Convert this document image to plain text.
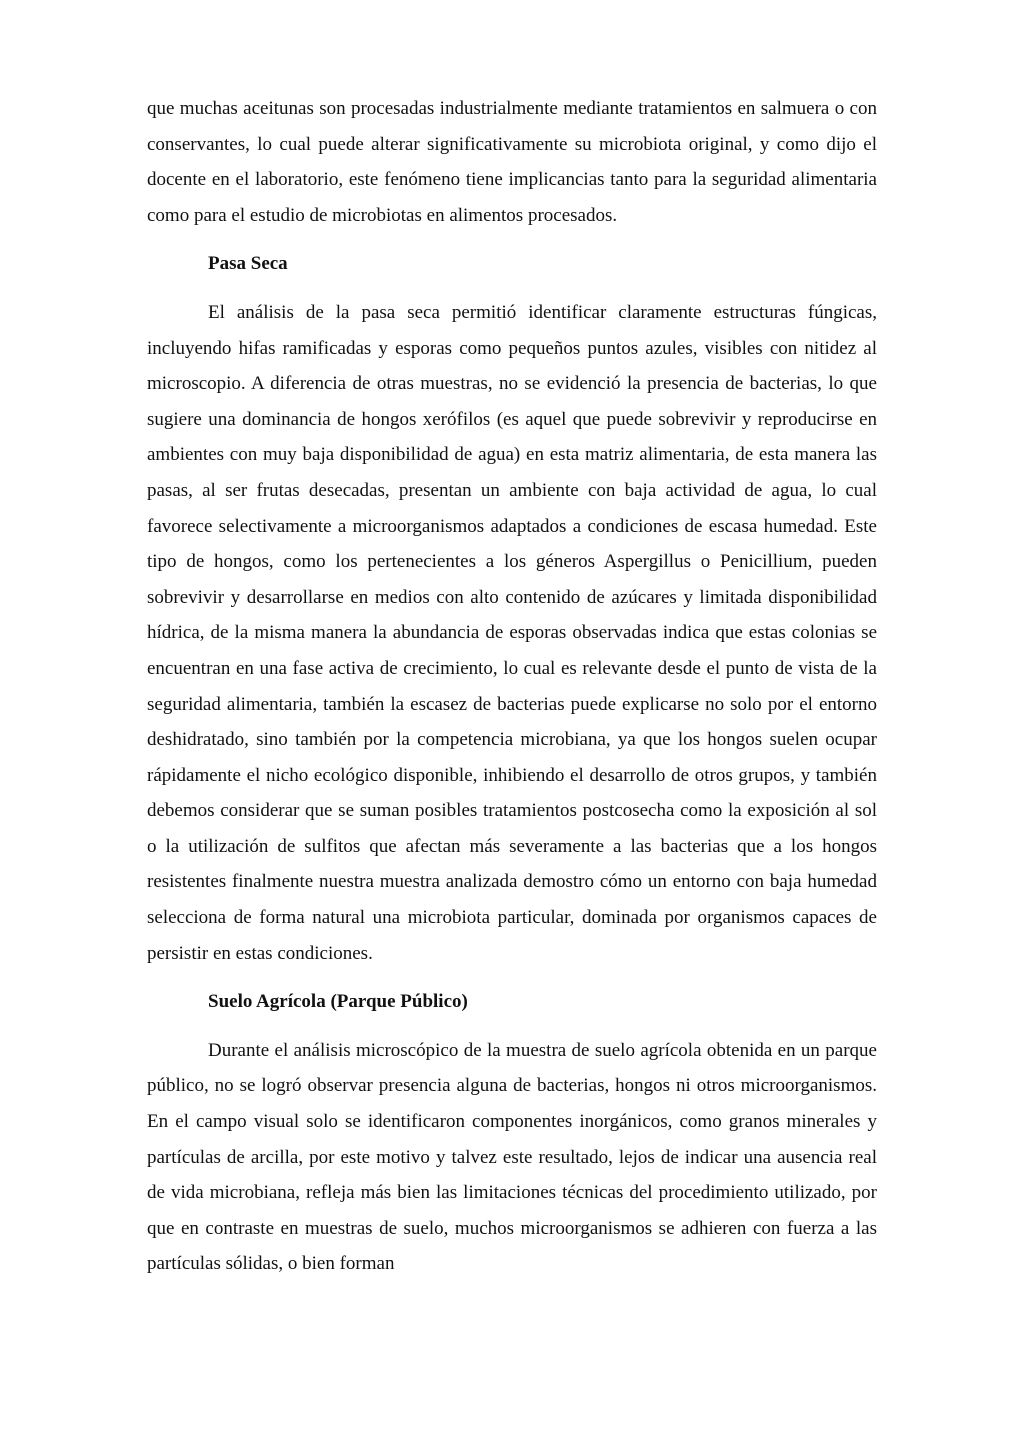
que muchas aceitunas son procesadas industrialmente mediante tratamientos en salmuera o con conservantes, lo cual puede alterar significativamente su microbiota original, y como dijo el docente en el laboratorio, este fenómeno tiene implicancias tanto para la seguridad alimentaria como para el estudio de microbiotas en alimentos procesados.

Pasa Seca

El análisis de la pasa seca permitió identificar claramente estructuras fúngicas, incluyendo hifas ramificadas y esporas como pequeños puntos azules, visibles con nitidez al microscopio. A diferencia de otras muestras, no se evidenció la presencia de bacterias, lo que sugiere una dominancia de hongos xerófilos (es aquel que puede sobrevivir y reproducirse en ambientes con muy baja disponibilidad de agua) en esta matriz alimentaria, de esta manera las pasas, al ser frutas desecadas, presentan un ambiente con baja actividad de agua, lo cual favorece selectivamente a microorganismos adaptados a condiciones de escasa humedad. Este tipo de hongos, como los pertenecientes a los géneros Aspergillus o Penicillium, pueden sobrevivir y desarrollarse en medios con alto contenido de azúcares y limitada disponibilidad hídrica, de la misma manera la abundancia de esporas observadas indica que estas colonias se encuentran en una fase activa de crecimiento, lo cual es relevante desde el punto de vista de la seguridad alimentaria, también la escasez de bacterias puede explicarse no solo por el entorno deshidratado, sino también por la competencia microbiana, ya que los hongos suelen ocupar rápidamente el nicho ecológico disponible, inhibiendo el desarrollo de otros grupos, y también debemos considerar que se suman posibles tratamientos postcosecha como la exposición al sol o la utilización de sulfitos que afectan más severamente a las bacterias que a los hongos resistentes finalmente nuestra muestra analizada demostro cómo un entorno con baja humedad selecciona de forma natural una microbiota particular, dominada por organismos capaces de persistir en estas condiciones.

Suelo Agrícola (Parque Público)

Durante el análisis microscópico de la muestra de suelo agrícola obtenida en un parque público, no se logró observar presencia alguna de bacterias, hongos ni otros microorganismos. En el campo visual solo se identificaron componentes inorgánicos, como granos minerales y partículas de arcilla, por este motivo y talvez este resultado, lejos de indicar una ausencia real de vida microbiana, refleja más bien las limitaciones técnicas del procedimiento utilizado, por que en contraste en muestras de suelo, muchos microorganismos se adhieren con fuerza a las partículas sólidas, o bien forman
